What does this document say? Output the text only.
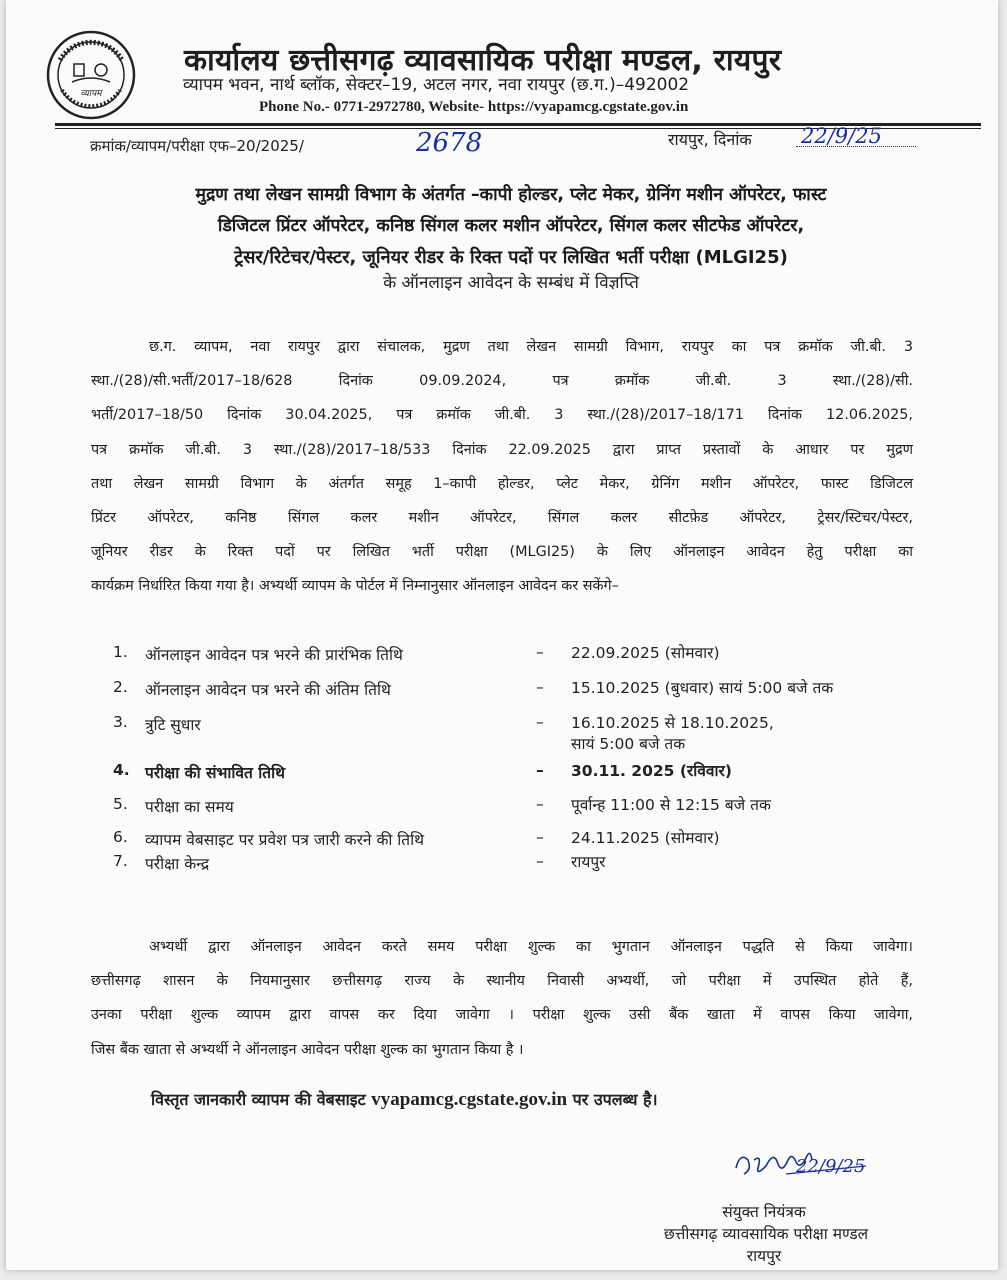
व्यापम
कार्यालय छत्तीसगढ़ व्यावसायिक परीक्षा मण्डल, रायपुर
व्यापम भवन, नार्थ ब्लॉक, सेक्टर–19, अटल नगर, नवा रायपुर (छ.ग.)–492002
Phone No.- 0771-2972780, Website- https://vyapamcg.cgstate.gov.in
क्रमांक/व्यापम/परीक्षा एफ–20/2025/	2678	रायपुर, दिनांक 22/9/25
मुद्रण तथा लेखन सामग्री विभाग के अंतर्गत –कापी होल्डर, प्लेट मेकर, ग्रेनिंग मशीन ऑपरेटर, फास्ट
डिजिटल प्रिंटर ऑपरेटर, कनिष्ठ सिंगल कलर मशीन ऑपरेटर, सिंगल कलर सीटफेड ऑपरेटर,
ट्रेसर/रिटेचर/पेस्टर, जूनियर रीडर के रिक्त पदों पर लिखित भर्ती परीक्षा (MLGI25)
के ऑनलाइन आवेदन के सम्बंध में विज्ञप्ति
छ.ग. व्यापम, नवा रायपुर द्वारा संचालक, मुद्रण तथा लेखन सामग्री विभाग, रायपुर का पत्र क्रमॉक जी.बी. 3
स्था./(28)/सी.भर्ती/2017–18/628 दिनांक 09.09.2024, पत्र क्रमॉक जी.बी. 3 स्था./(28)/सी.
भर्ती/2017–18/50 दिनांक 30.04.2025, पत्र क्रमॉक जी.बी. 3 स्था./(28)/2017–18/171 दिनांक 12.06.2025,
पत्र क्रमॉक जी.बी. 3 स्था./(28)/2017–18/533 दिनांक 22.09.2025 द्वारा प्राप्त प्रस्तावों के आधार पर मुद्रण
तथा लेखन सामग्री विभाग के अंतर्गत समूह 1–कापी होल्डर, प्लेट मेकर, ग्रेनिंग मशीन ऑपरेटर, फास्ट डिजिटल
प्रिंटर ऑपरेटर, कनिष्ठ सिंगल कलर मशीन ऑपरेटर, सिंगल कलर सीटफ़ेड ऑपरेटर, ट्रेसर/स्टिचर/पेस्टर,
जूनियर रीडर के रिक्त पदों पर लिखित भर्ती परीक्षा (MLGI25) के लिए ऑनलाइन आवेदन हेतु परीक्षा का
कार्यक्रम निर्धारित किया गया है। अभ्यर्थी व्यापम के पोर्टल में निम्नानुसार ऑनलाइन आवेदन कर सकेंगे–
1. ऑनलाइन आवेदन पत्र भरने की प्रारंभिक तिथि	– 22.09.2025 (सोमवार)
2. ऑनलाइन आवेदन पत्र भरने की अंतिम तिथि	– 15.10.2025 (बुधवार) सायं 5:00 बजे तक
3. त्रुटि सुधार	– 16.10.2025 से 18.10.2025,
सायं 5:00 बजे तक
4. परीक्षा की संभावित तिथि	– 30.11. 2025 (रविवार)
5. परीक्षा का समय	– पूर्वान्ह 11:00 से 12:15 बजे तक
6. व्यापम वेबसाइट पर प्रवेश पत्र जारी करने की तिथि	– 24.11.2025 (सोमवार)
7. परीक्षा केन्द्र	– रायपुर
अभ्यर्थी द्वारा ऑनलाइन आवेदन करते समय परीक्षा शुल्क का भुगतान ऑनलाइन पद्धति से किया जावेगा।
छत्तीसगढ़ शासन के नियमानुसार छत्तीसगढ़ राज्य के स्थानीय निवासी अभ्यर्थी, जो परीक्षा में उपस्थित होते हैं,
उनका परीक्षा शुल्क व्यापम द्वारा वापस कर दिया जावेगा । परीक्षा शुल्क उसी बैंक खाता में वापस किया जावेगा,
जिस बैंक खाता से अभ्यर्थी ने ऑनलाइन आवेदन परीक्षा शुल्क का भुगतान किया है ।
विस्तृत जानकारी व्यापम की वेबसाइट vyapamcg.cgstate.gov.in पर उपलब्ध है।
22/9/25
संयुक्त नियंत्रक
छत्तीसगढ़ व्यावसायिक परीक्षा मण्डल
रायपुर
